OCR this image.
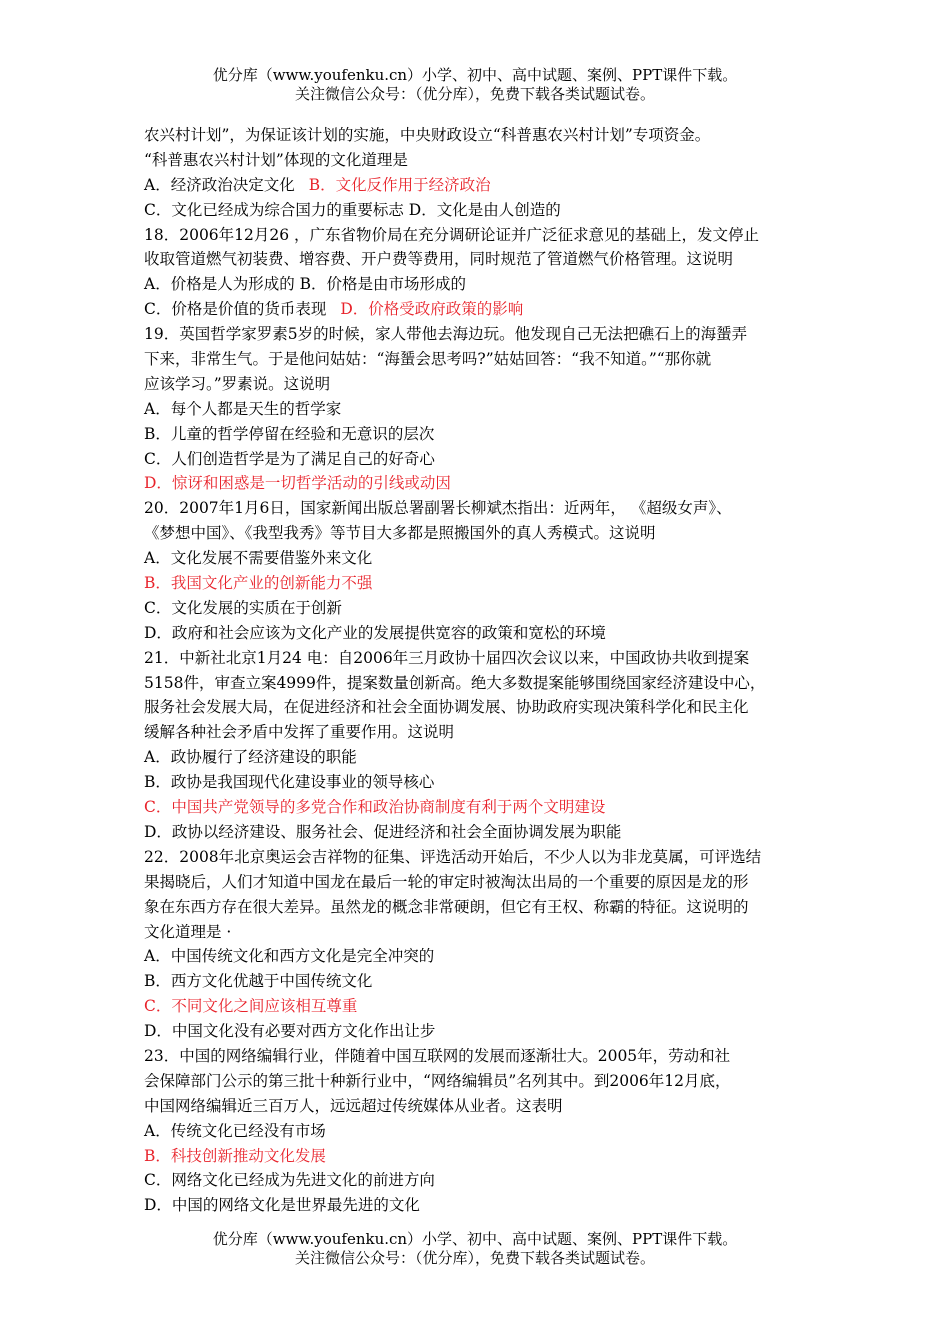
优分库（www.youfenku.cn）小学、初中、高中试题、案例、PPT课件下载。
关注微信公众号：（优分库），免费下载各类试题试卷。
农兴村计划”，为保证该计划的实施，中央财政设立“科普惠农兴村计划”专项资金。
“科普惠农兴村计划”体现的文化道理是
A．经济政治决定文化 B．文化反作用于经济政治
C．文化已经成为综合国力的重要标志 D．文化是由人创造的
18．2006年12月26 ，广东省物价局在充分调研论证并广泛征求意见的基础上，发文停止
收取管道燃气初装费、增容费、开户费等费用，同时规范了管道燃气价格管理。这说明
A．价格是人为形成的 B．价格是由市场形成的
C．价格是价值的货币表现 D．价格受政府政策的影响
19．英国哲学家罗素5岁的时候，家人带他去海边玩。他发现自己无法把礁石上的海蜑弄
下来，非常生气。于是他问姑姑：“海蜑会思考吗?”姑姑回答：“我不知道。”“那你就
应该学习。”罗素说。这说明
A．每个人都是天生的哲学家
B．儿童的哲学停留在经验和无意识的层次
C．人们创造哲学是为了满足自己的好奇心
D．惊讶和困惑是一切哲学活动的引线或动因
20．2007年1月6日，国家新闻出版总署副署长柳斌杰指出：近两年， 《超级女声》、
《梦想中国》、《我型我秀》等节目大多都是照搬国外的真人秀模式。这说明
A．文化发展不需要借鉴外来文化
B．我国文化产业的创新能力不强
C．文化发展的实质在于创新
D．政府和社会应该为文化产业的发展提供宽容的政策和宽松的环境
21．中新社北京1月24 电：自2006年三月政协十届四次会议以来，中国政协共收到提案
5158件，审查立案4999件，提案数量创新高。绝大多数提案能够围绕国家经济建设中心，
服务社会发展大局，在促进经济和社会全面协调发展、协助政府实现决策科学化和民主化
缓解各种社会矛盾中发挥了重要作用。这说明
A．政协履行了经济建设的职能
B．政协是我国现代化建设事业的领导核心
C．中国共产党领导的多党合作和政治协商制度有利于两个文明建设
D．政协以经济建设、服务社会、促进经济和社会全面协调发展为职能
22．2008年北京奥运会吉祥物的征集、评选活动开始后，不少人以为非龙莫属，可评选结
果揭晓后，人们才知道中国龙在最后一轮的审定时被淘汰出局的一个重要的原因是龙的形
象在东西方存在很大差异。虽然龙的概念非常硬朗，但它有王权、称霸的特征。这说明的
文化道理是 ·
A．中国传统文化和西方文化是完全冲突的
B．西方文化优越于中国传统文化
C．不同文化之间应该相互尊重
D．中国文化没有必要对西方文化作出让步
23．中国的网络编辑行业，伴随着中国互联网的发展而逐渐壮大。2005年，劳动和社
会保障部门公示的第三批十种新行业中，“网络编辑员”名列其中。到2006年12月底，
中国网络编辑近三百万人，远远超过传统媒体从业者。这表明
A．传统文化已经没有市场
B．科技创新推动文化发展
C．网络文化已经成为先进文化的前进方向
D．中国的网络文化是世界最先进的文化
优分库（www.youfenku.cn）小学、初中、高中试题、案例、PPT课件下载。
关注微信公众号：（优分库），免费下载各类试题试卷。
